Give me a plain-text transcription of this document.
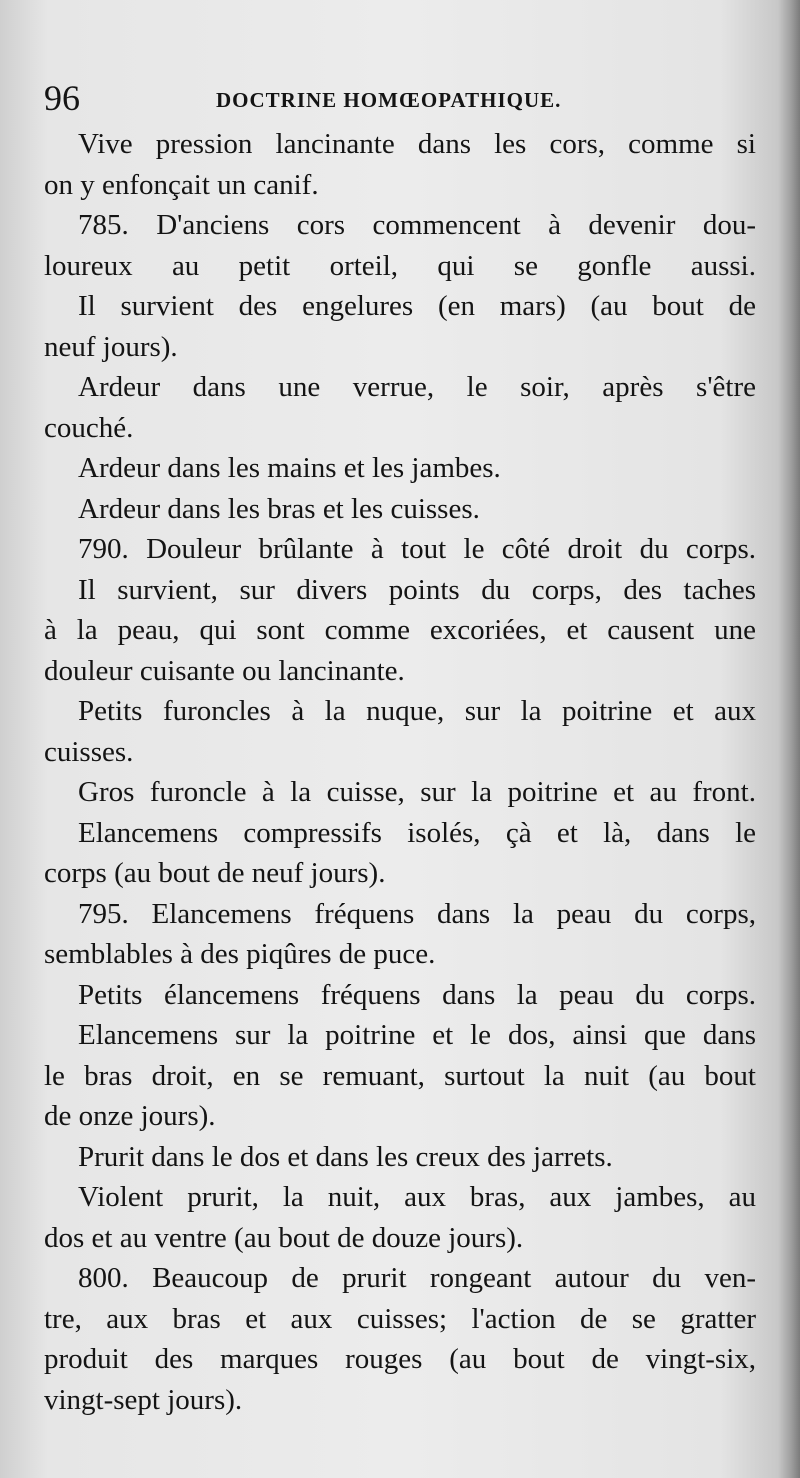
96	DOCTRINE HOMŒOPATHIQUE.
Vive pression lancinante dans les cors, comme si
on y enfonçait un canif.
785. D'anciens cors commencent à devenir dou-
loureux au petit orteil, qui se gonfle aussi.
Il survient des engelures (en mars) (au bout de
neuf jours).
Ardeur dans une verrue, le soir, après s'être
couché.
Ardeur dans les mains et les jambes.
Ardeur dans les bras et les cuisses.
790. Douleur brûlante à tout le côté droit du corps.
Il survient, sur divers points du corps, des taches
à la peau, qui sont comme excoriées, et causent une
douleur cuisante ou lancinante.
Petits furoncles à la nuque, sur la poitrine et aux
cuisses.
Gros furoncle à la cuisse, sur la poitrine et au front.
Elancemens compressifs isolés, çà et là, dans le
corps (au bout de neuf jours).
795. Elancemens fréquens dans la peau du corps,
semblables à des piqûres de puce.
Petits élancemens fréquens dans la peau du corps.
Elancemens sur la poitrine et le dos, ainsi que dans
le bras droit, en se remuant, surtout la nuit (au bout
de onze jours).
Prurit dans le dos et dans les creux des jarrets.
Violent prurit, la nuit, aux bras, aux jambes, au
dos et au ventre (au bout de douze jours).
800. Beaucoup de prurit rongeant autour du ven-
tre, aux bras et aux cuisses; l'action de se gratter
produit des marques rouges (au bout de vingt-six,
vingt-sept jours).
